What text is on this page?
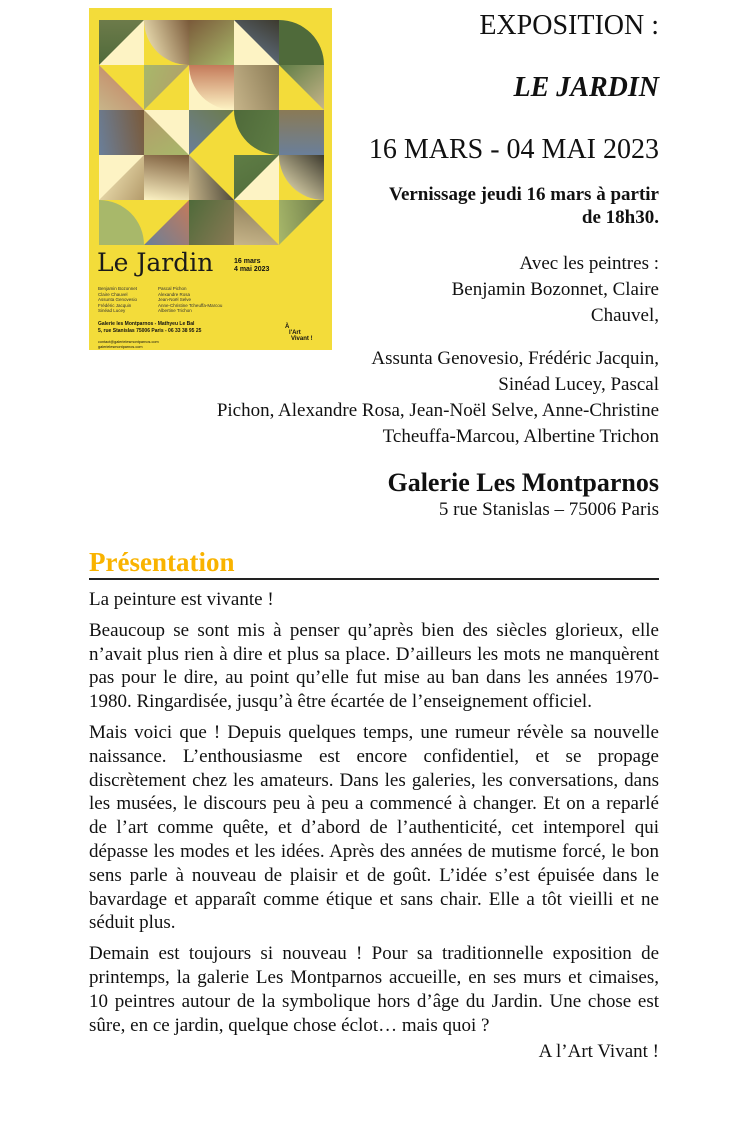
Le Jardin	16 mars
4 mai 2023
Benjamin Bozonnet
Claire Chauvel
Assunta Genovesio
Frédéric Jacquin
Sinéad Lucey
Pascal Pichon
Alexandre Rosa
Jean-Noël Selve
Anne-Christine Tcheuffa-Marcou
Albertine Trichon
Galerie les Montparnos - Mathyeu Le Bal
5, rue Stanislas 75006 Paris - 06 33 38 95 25
contact@galerielesmontparnos.com
galerielesmontparnos.com
À
l'Art
Vivant !
EXPOSITION :
LE JARDIN
16 MARS - 04 MAI 2023
Vernissage jeudi 16 mars à partir
de 18h30.
Avec les peintres :
Benjamin Bozonnet, Claire
Chauvel,
Assunta Genovesio, Frédéric Jacquin, Sinéad Lucey, Pascal
Pichon, Alexandre Rosa, Jean-Noël Selve, Anne-Christine
Tcheuffa-Marcou, Albertine Trichon
Galerie Les Montparnos
5 rue Stanislas – 75006 Paris
Présentation

La peinture est vivante !

Beaucoup se sont mis à penser qu’après bien des siècles glorieux, elle n’avait plus rien à dire et plus sa place. D’ailleurs les mots ne manquèrent pas pour le dire, au point qu’elle fut mise au ban dans les années 1970-1980. Ringardisée, jusqu’à être écartée de l’enseignement officiel.

Mais voici que ! Depuis quelques temps, une rumeur révèle sa nouvelle naissance. L’enthousiasme est encore confidentiel, et se propage discrètement chez les amateurs. Dans les galeries, les conversations, dans les musées, le discours peu à peu a commencé à changer. Et on a reparlé de l’art comme quête, et d’abord de l’authenticité, cet intemporel qui dépasse les modes et les idées. Après des années de mutisme forcé, le bon sens parle à nouveau de plaisir et de goût. L’idée s’est épuisée dans le bavardage et apparaît comme étique et sans chair. Elle a tôt vieilli et ne séduit plus.

Demain est toujours si nouveau ! Pour sa traditionnelle exposition de printemps, la galerie Les Montparnos accueille, en ses murs et cimaises, 10 peintres autour de la symbolique hors d’âge du Jardin. Une chose est sûre, en ce jardin, quelque chose éclot… mais quoi ?

A l’Art Vivant !
